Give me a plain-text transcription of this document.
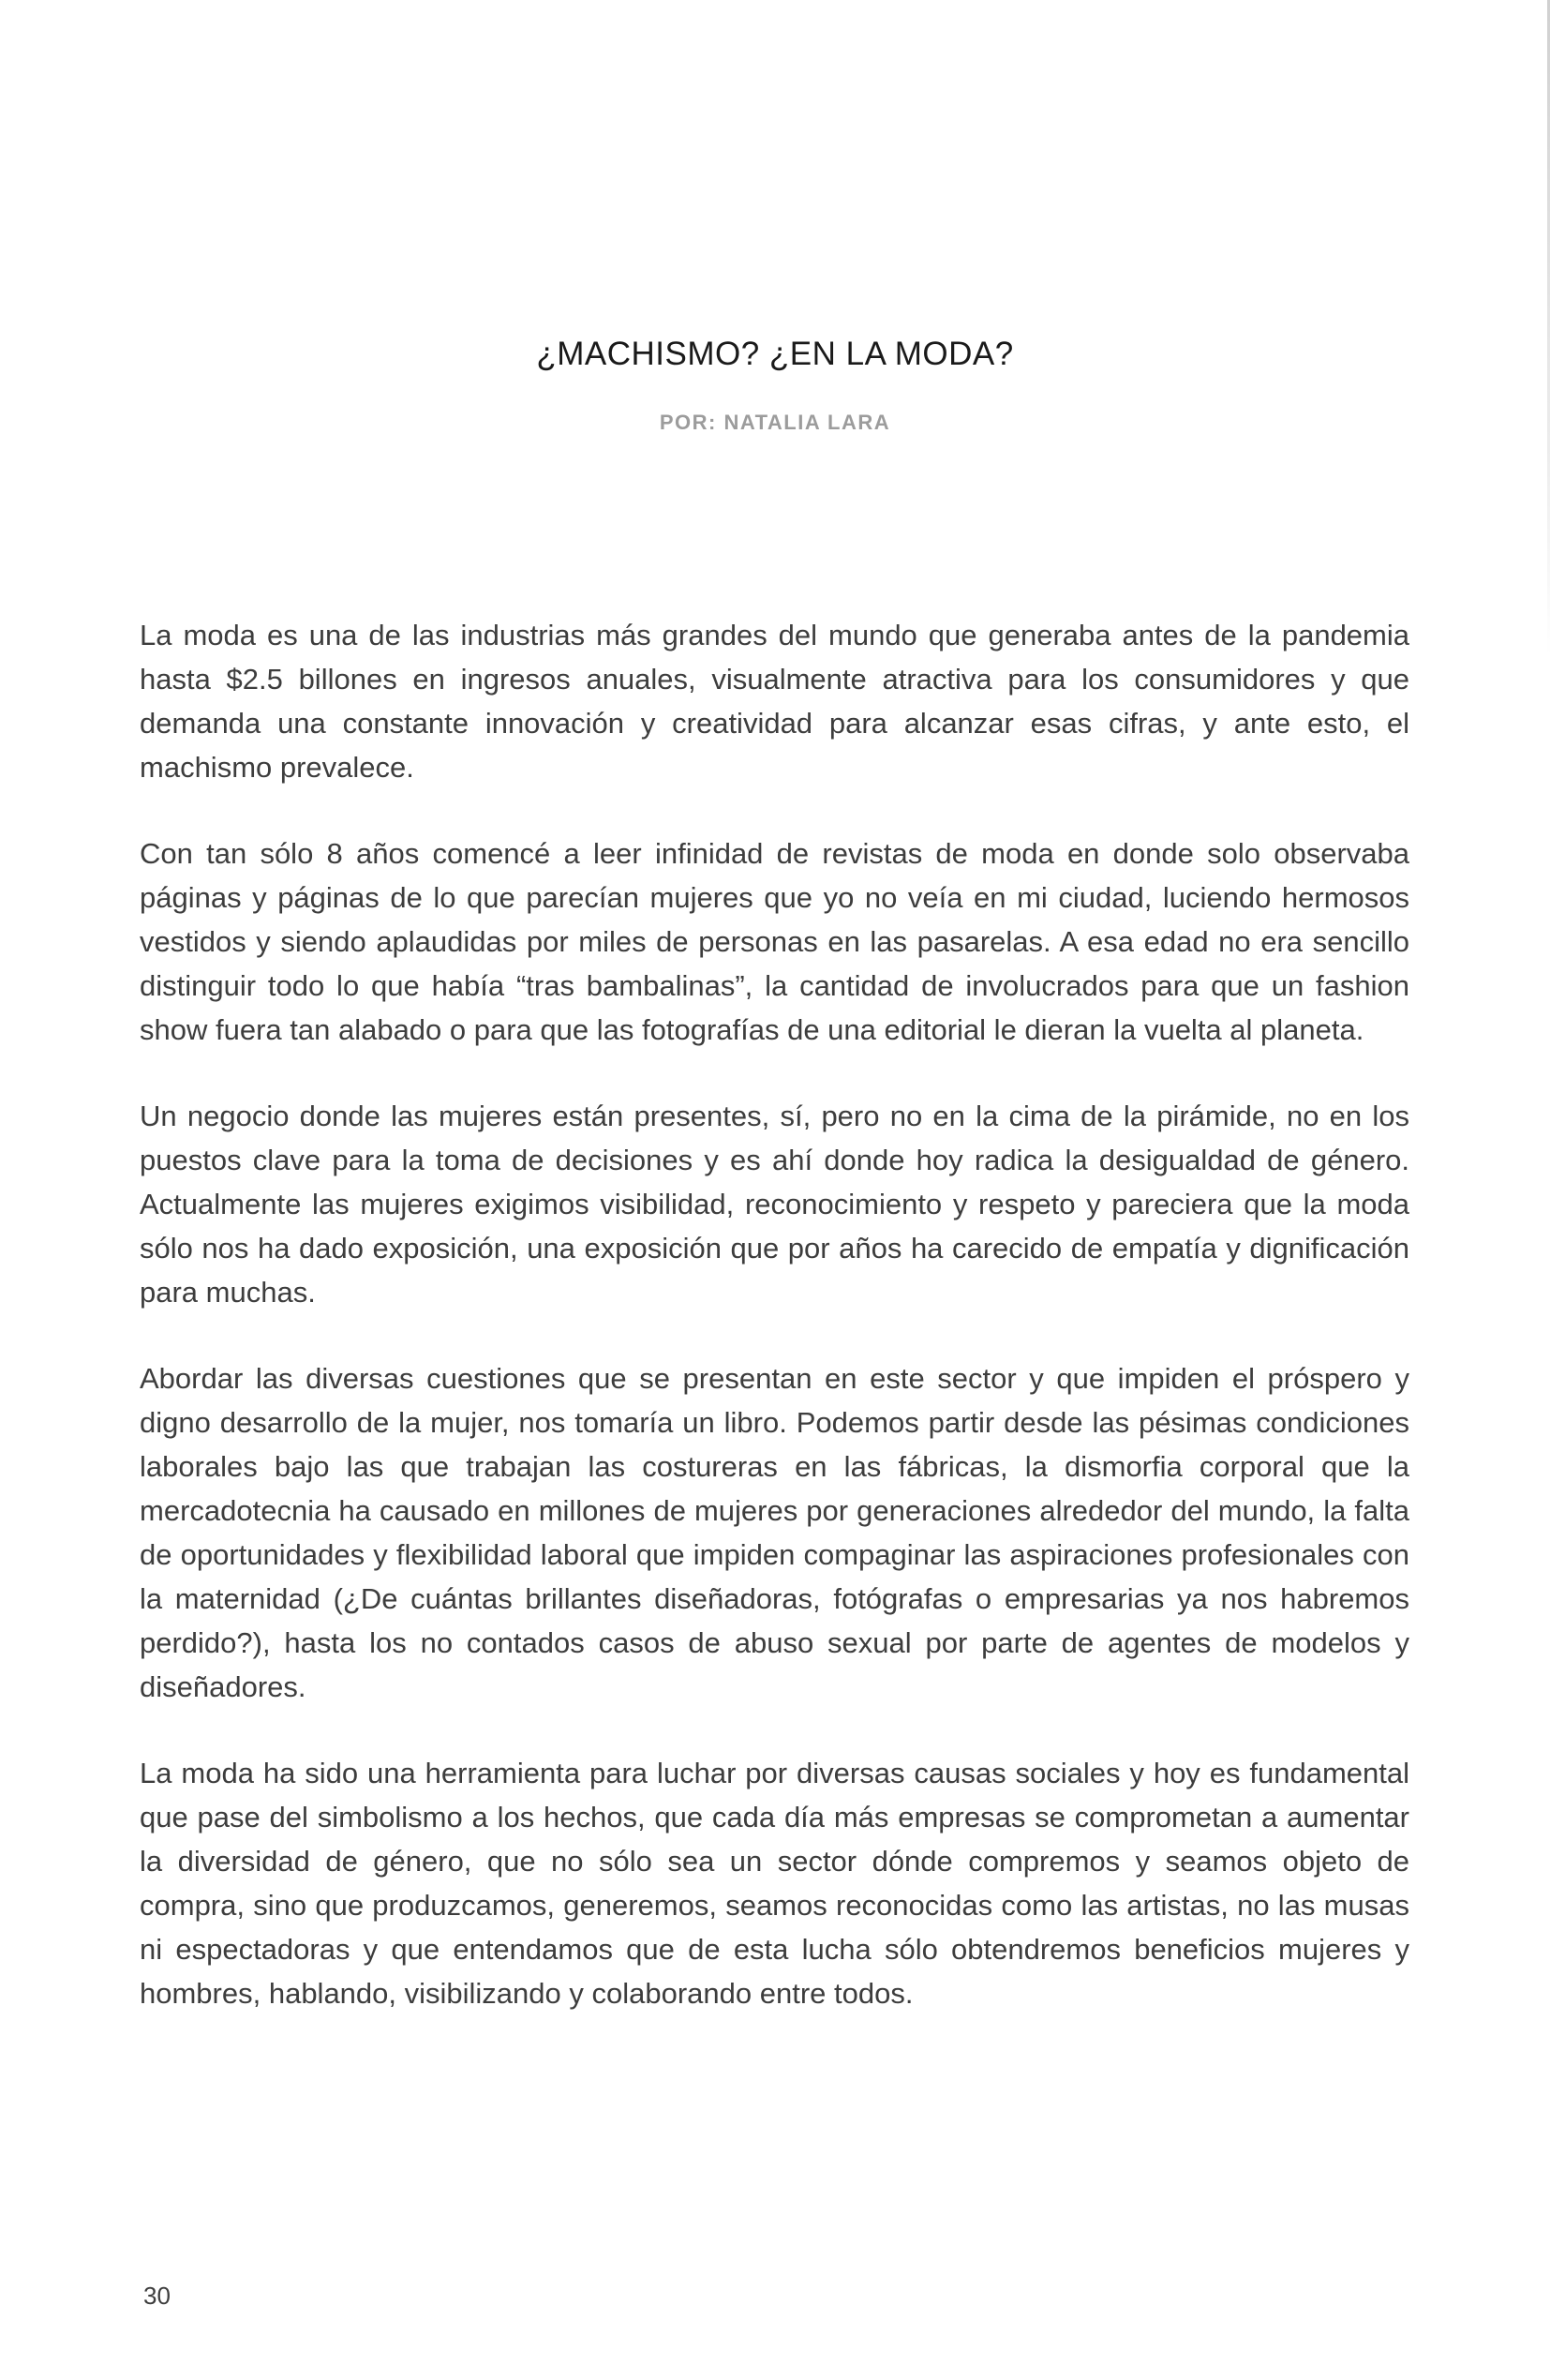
¿MACHISMO? ¿EN LA MODA?
POR: NATALIA LARA

La moda es una de las industrias más grandes del mundo que generaba antes de la pandemia hasta $2.5 billones en ingresos anuales, visualmente atractiva para los consumidores y que demanda una constante innovación y creatividad para alcanzar esas cifras, y ante esto, el machismo prevalece.

Con tan sólo 8 años comencé a leer infinidad de revistas de moda en donde solo observaba páginas y páginas de lo que parecían mujeres que yo no veía en mi ciudad, luciendo hermosos vestidos y siendo aplaudidas por miles de personas en las pasarelas. A esa edad no era sencillo distinguir todo lo que había “tras bambalinas”, la cantidad de involucrados para que un fashion show fuera tan alabado o para que las fotografías de una editorial le dieran la vuelta al planeta.

Un negocio donde las mujeres están presentes, sí, pero no en la cima de la pirámide, no en los puestos clave para la toma de decisiones y es ahí donde hoy radica la desigualdad de género. Actualmente las mujeres exigimos visibilidad, reconocimiento y respeto y pareciera que la moda sólo nos ha dado exposición, una exposición que por años ha carecido de empatía y dignificación para muchas.

Abordar las diversas cuestiones que se presentan en este sector y que impiden el próspero y digno desarrollo de la mujer, nos tomaría un libro. Podemos partir desde las pésimas condiciones laborales bajo las que trabajan las costureras en las fábricas, la dismorfia corporal que la mercadotecnia ha causado en millones de mujeres por generaciones alrededor del mundo, la falta de oportunidades y flexibilidad laboral que impiden compaginar las aspiraciones profesionales con la maternidad (¿De cuántas brillantes diseñadoras, fotógrafas o empresarias ya nos habremos perdido?), hasta los no contados casos de abuso sexual por parte de agentes de modelos y diseñadores.

La moda ha sido una herramienta para luchar por diversas causas sociales y hoy es fundamental que pase del simbolismo a los hechos, que cada día más empresas se comprometan a aumentar la diversidad de género, que no sólo sea un sector dónde compremos y seamos objeto de compra, sino que produzcamos, generemos, seamos reconocidas como las artistas, no las musas ni espectadoras y que entendamos que de esta lucha sólo obtendremos beneficios mujeres y hombres, hablando, visibilizando y colaborando entre todos.

30
